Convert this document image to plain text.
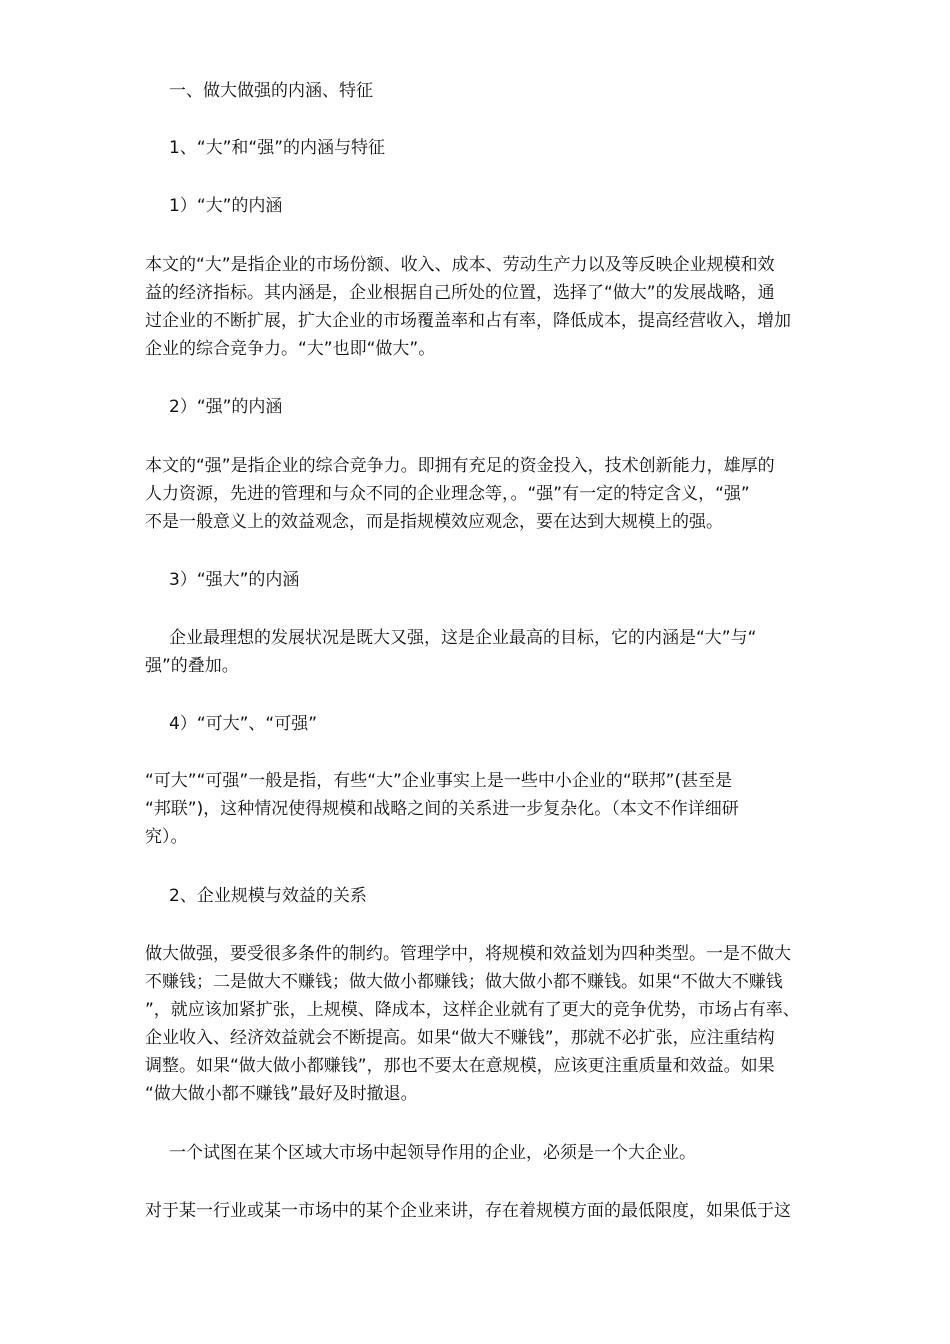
一、做大做强的内涵、特征
1、“大”和“强”的内涵与特征
1）“大”的内涵
本文的“大”是指企业的市场份额、收入、成本、劳动生产力以及等反映企业规模和效
益的经济指标。其内涵是，企业根据自己所处的位置，选择了“做大”的发展战略，通
过企业的不断扩展，扩大企业的市场覆盖率和占有率，降低成本，提高经营收入，增加
企业的综合竞争力。“大”也即“做大”。
2）“强”的内涵
本文的“强”是指企业的综合竞争力。即拥有充足的资金投入，技术创新能力，雄厚的
人力资源，先进的管理和与众不同的企业理念等，。“强”有一定的特定含义，“强”
不是一般意义上的效益观念，而是指规模效应观念，要在达到大规模上的强。
3）“强大”的内涵
企业最理想的发展状况是既大又强，这是企业最高的目标，它的内涵是“大”与“
强”的叠加。
4）“可大”、“可强”
“可大”“可强”一般是指，有些“大”企业事实上是一些中小企业的“联邦”(甚至是
“邦联”)，这种情况使得规模和战略之间的关系进一步复杂化。（本文不作详细研
究）。
2、企业规模与效益的关系
做大做强，要受很多条件的制约。管理学中，将规模和效益划为四种类型。一是不做大
不赚钱；二是做大不赚钱；做大做小都赚钱；做大做小都不赚钱。如果“不做大不赚钱
”，就应该加紧扩张，上规模、降成本，这样企业就有了更大的竞争优势，市场占有率、
企业收入、经济效益就会不断提高。如果“做大不赚钱”，那就不必扩张，应注重结构
调整。如果“做大做小都赚钱”，那也不要太在意规模，应该更注重质量和效益。如果
“做大做小都不赚钱”最好及时撤退。
一个试图在某个区域大市场中起领导作用的企业，必须是一个大企业。
对于某一行业或某一市场中的某个企业来讲，存在着规模方面的最低限度，如果低于这
